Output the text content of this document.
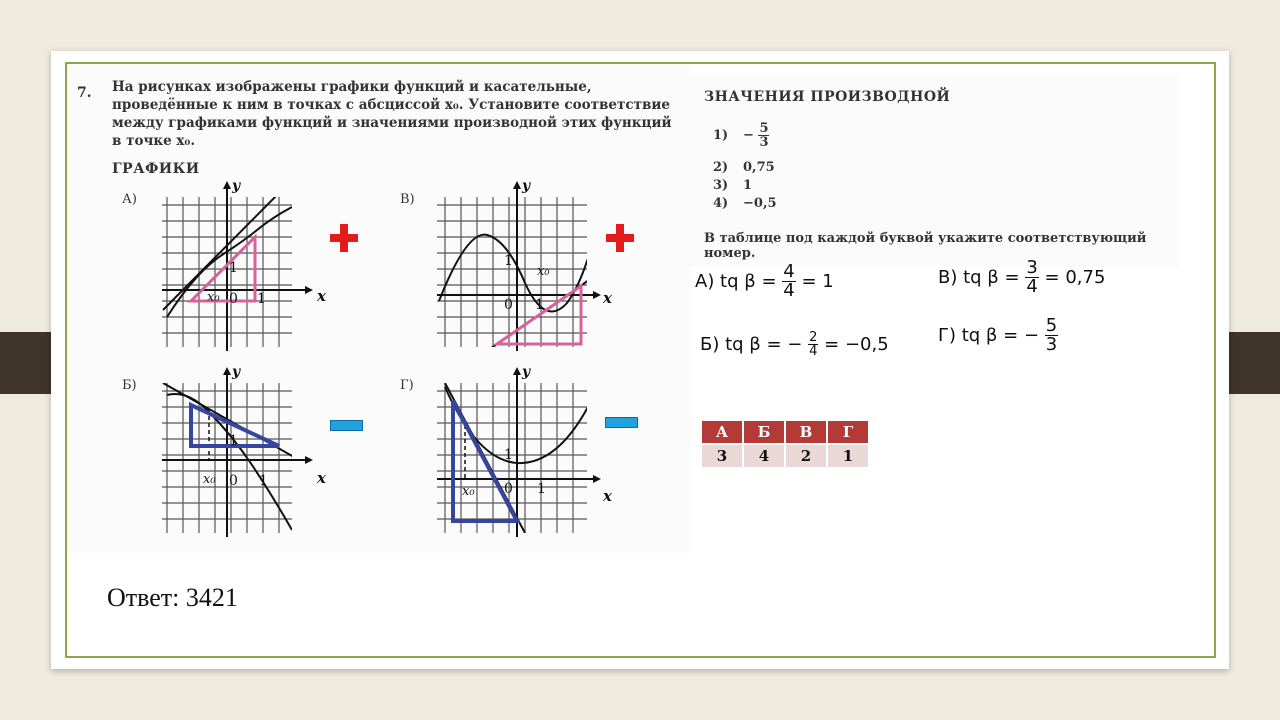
7. На рисунках изображены графики функций и касательные, проведённые к ним в точках с абсциссой x₀. Установите соответствие между графиками функций и значениями производной этих функций в точке x₀.
ГРАФИКИ
А)
y
x
0
1
1
x₀
Б)
y
x
0
1
1
x₀
В)
y
x
0
1
1
x₀
Г)
y
x
0
1
1
x₀
ЗНАЧЕНИЯ ПРОИЗВОДНОЙ
$1) - \frac{5}{3}$
2) 0,75
3) 1
4) −0,5
В таблице под каждой буквой укажите соответствующий номер.
А) tq $\beta = \frac{4}{4} = 1$	В) tq $\beta = \frac{3}{4} = 0,75$
Б) tq β = − $\frac{2}{4} = -0,5$	Г) tq β = − $\frac{5}{3}$
А	Б	В	Г
3	4	2	1
Ответ: 3421
